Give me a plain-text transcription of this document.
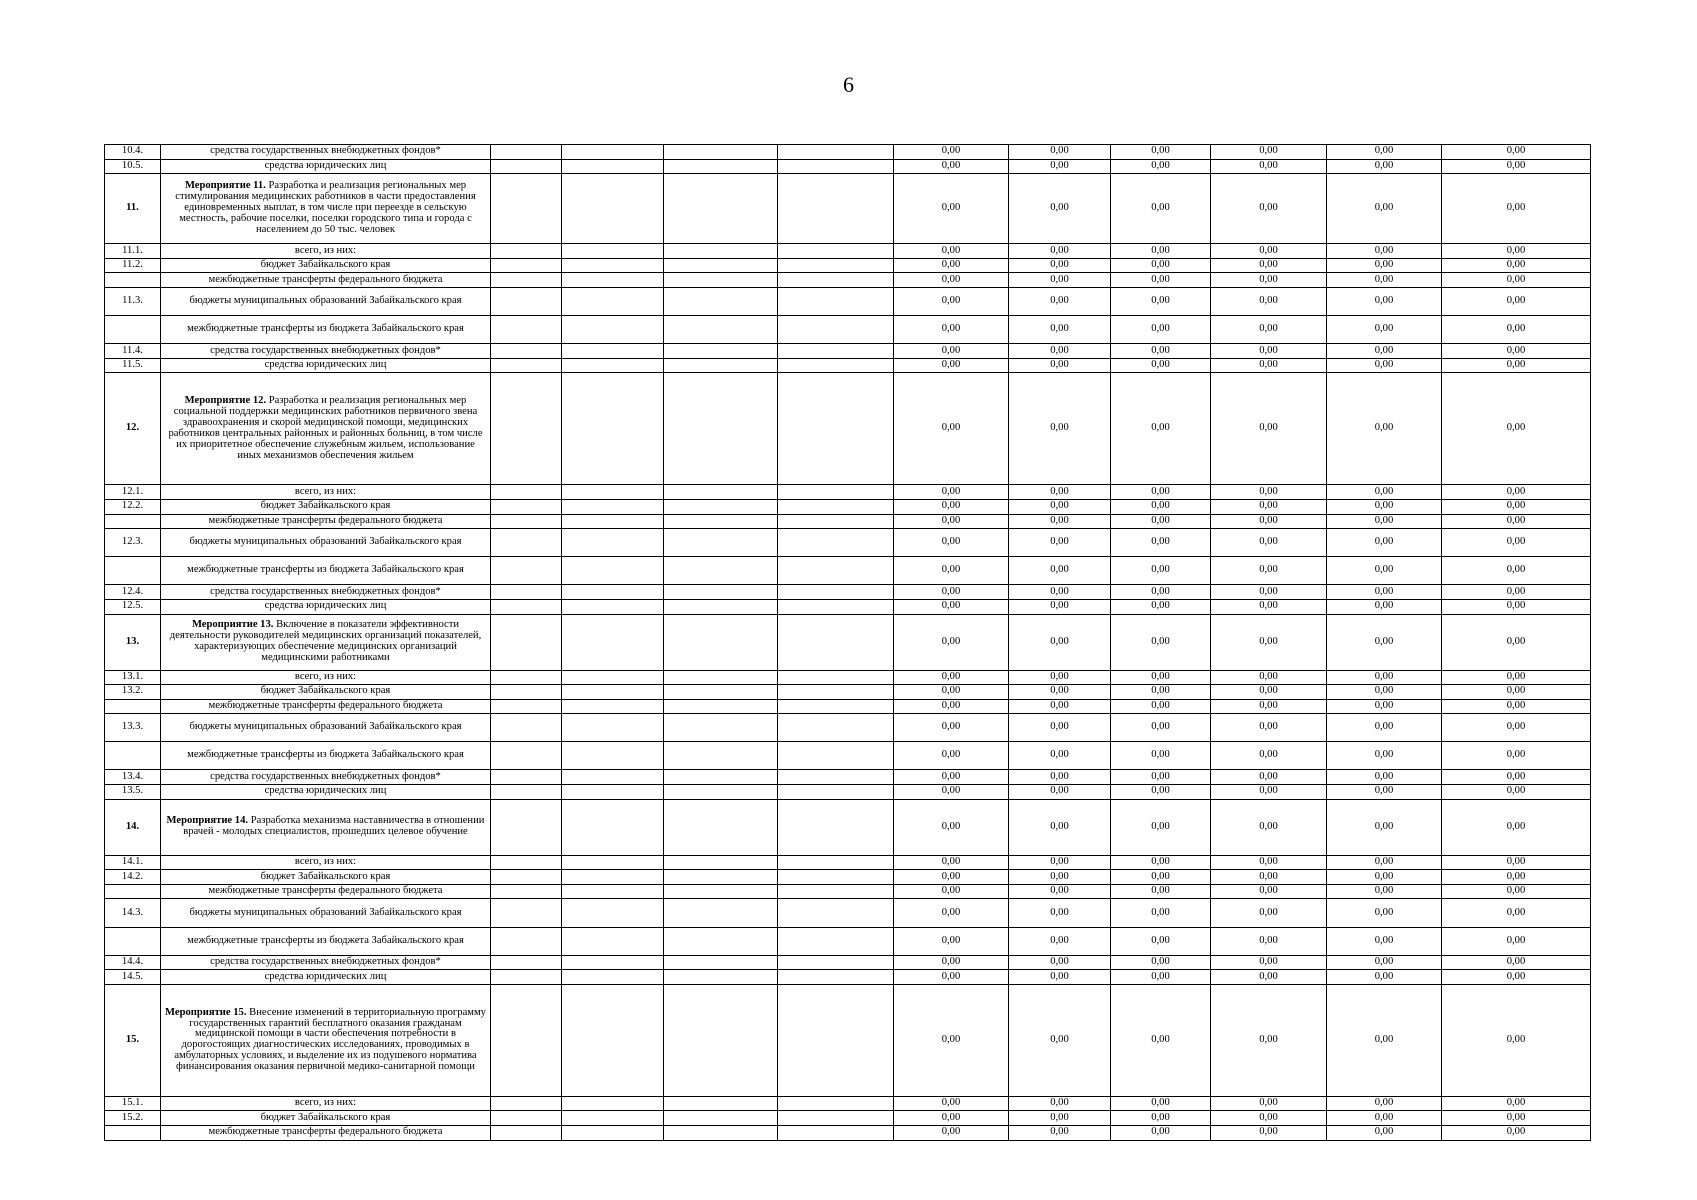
6
10.4.	средства государственных внебюджетных фондов*					0,00	0,00	0,00	0,00	0,00	0,00
10.5.	средства юридических лиц					0,00	0,00	0,00	0,00	0,00	0,00
11.	Мероприятие 11. Разработка и реализация региональных мер стимулирования медицинских работников в части предоставления единовременных выплат, в том числе при переезде в сельскую местность, рабочие поселки, поселки городского типа и города с населением до 50 тыс. человек					0,00	0,00	0,00	0,00	0,00	0,00
11.1.	всего, из них:					0,00	0,00	0,00	0,00	0,00	0,00
11.2.	бюджет Забайкальского края					0,00	0,00	0,00	0,00	0,00	0,00
	межбюджетные трансферты федерального бюджета					0,00	0,00	0,00	0,00	0,00	0,00
11.3.	бюджеты муниципальных образований Забайкальского края					0,00	0,00	0,00	0,00	0,00	0,00
	межбюджетные трансферты из бюджета Забайкальского края					0,00	0,00	0,00	0,00	0,00	0,00
11.4.	средства государственных внебюджетных фондов*					0,00	0,00	0,00	0,00	0,00	0,00
11.5.	средства юридических лиц					0,00	0,00	0,00	0,00	0,00	0,00
12.	Мероприятие 12. Разработка и реализация региональных мер социальной поддержки медицинских работников первичного звена здравоохранения и скорой медицинской помощи, медицинских работников центральных районных и районных больниц, в том числе их приоритетное обеспечение служебным жильем, использование иных механизмов обеспечения жильем					0,00	0,00	0,00	0,00	0,00	0,00
12.1.	всего, из них:					0,00	0,00	0,00	0,00	0,00	0,00
12.2.	бюджет Забайкальского края					0,00	0,00	0,00	0,00	0,00	0,00
	межбюджетные трансферты федерального бюджета					0,00	0,00	0,00	0,00	0,00	0,00
12.3.	бюджеты муниципальных образований Забайкальского края					0,00	0,00	0,00	0,00	0,00	0,00
	межбюджетные трансферты из бюджета Забайкальского края					0,00	0,00	0,00	0,00	0,00	0,00
12.4.	средства государственных внебюджетных фондов*					0,00	0,00	0,00	0,00	0,00	0,00
12.5.	средства юридических лиц					0,00	0,00	0,00	0,00	0,00	0,00
13.	Мероприятие 13. Включение в показатели эффективности деятельности руководителей медицинских организаций показателей, характеризующих обеспечение медицинских организаций медицинскими работниками					0,00	0,00	0,00	0,00	0,00	0,00
13.1.	всего, из них:					0,00	0,00	0,00	0,00	0,00	0,00
13.2.	бюджет Забайкальского края					0,00	0,00	0,00	0,00	0,00	0,00
	межбюджетные трансферты федерального бюджета					0,00	0,00	0,00	0,00	0,00	0,00
13.3.	бюджеты муниципальных образований Забайкальского края					0,00	0,00	0,00	0,00	0,00	0,00
	межбюджетные трансферты из бюджета Забайкальского края					0,00	0,00	0,00	0,00	0,00	0,00
13.4.	средства государственных внебюджетных фондов*					0,00	0,00	0,00	0,00	0,00	0,00
13.5.	средства юридических лиц					0,00	0,00	0,00	0,00	0,00	0,00
14.	Мероприятие 14. Разработка механизма наставничества в отношении врачей - молодых специалистов, прошедших целевое обучение					0,00	0,00	0,00	0,00	0,00	0,00
14.1.	всего, из них:					0,00	0,00	0,00	0,00	0,00	0,00
14.2.	бюджет Забайкальского края					0,00	0,00	0,00	0,00	0,00	0,00
	межбюджетные трансферты федерального бюджета					0,00	0,00	0,00	0,00	0,00	0,00
14.3.	бюджеты муниципальных образований Забайкальского края					0,00	0,00	0,00	0,00	0,00	0,00
	межбюджетные трансферты из бюджета Забайкальского края					0,00	0,00	0,00	0,00	0,00	0,00
14.4.	средства государственных внебюджетных фондов*					0,00	0,00	0,00	0,00	0,00	0,00
14.5.	средства юридических лиц					0,00	0,00	0,00	0,00	0,00	0,00
15.	Мероприятие 15. Внесение изменений в территориальную программу государственных гарантий бесплатного оказания гражданам медицинской помощи в части обеспечения потребности в дорогостоящих диагностических исследованиях, проводимых в амбулаторных условиях, и выделение их из подушевого норматива финансирования оказания первичной медико-санитарной помощи					0,00	0,00	0,00	0,00	0,00	0,00
15.1.	всего, из них:					0,00	0,00	0,00	0,00	0,00	0,00
15.2.	бюджет Забайкальского края					0,00	0,00	0,00	0,00	0,00	0,00
	межбюджетные трансферты федерального бюджета					0,00	0,00	0,00	0,00	0,00	0,00
